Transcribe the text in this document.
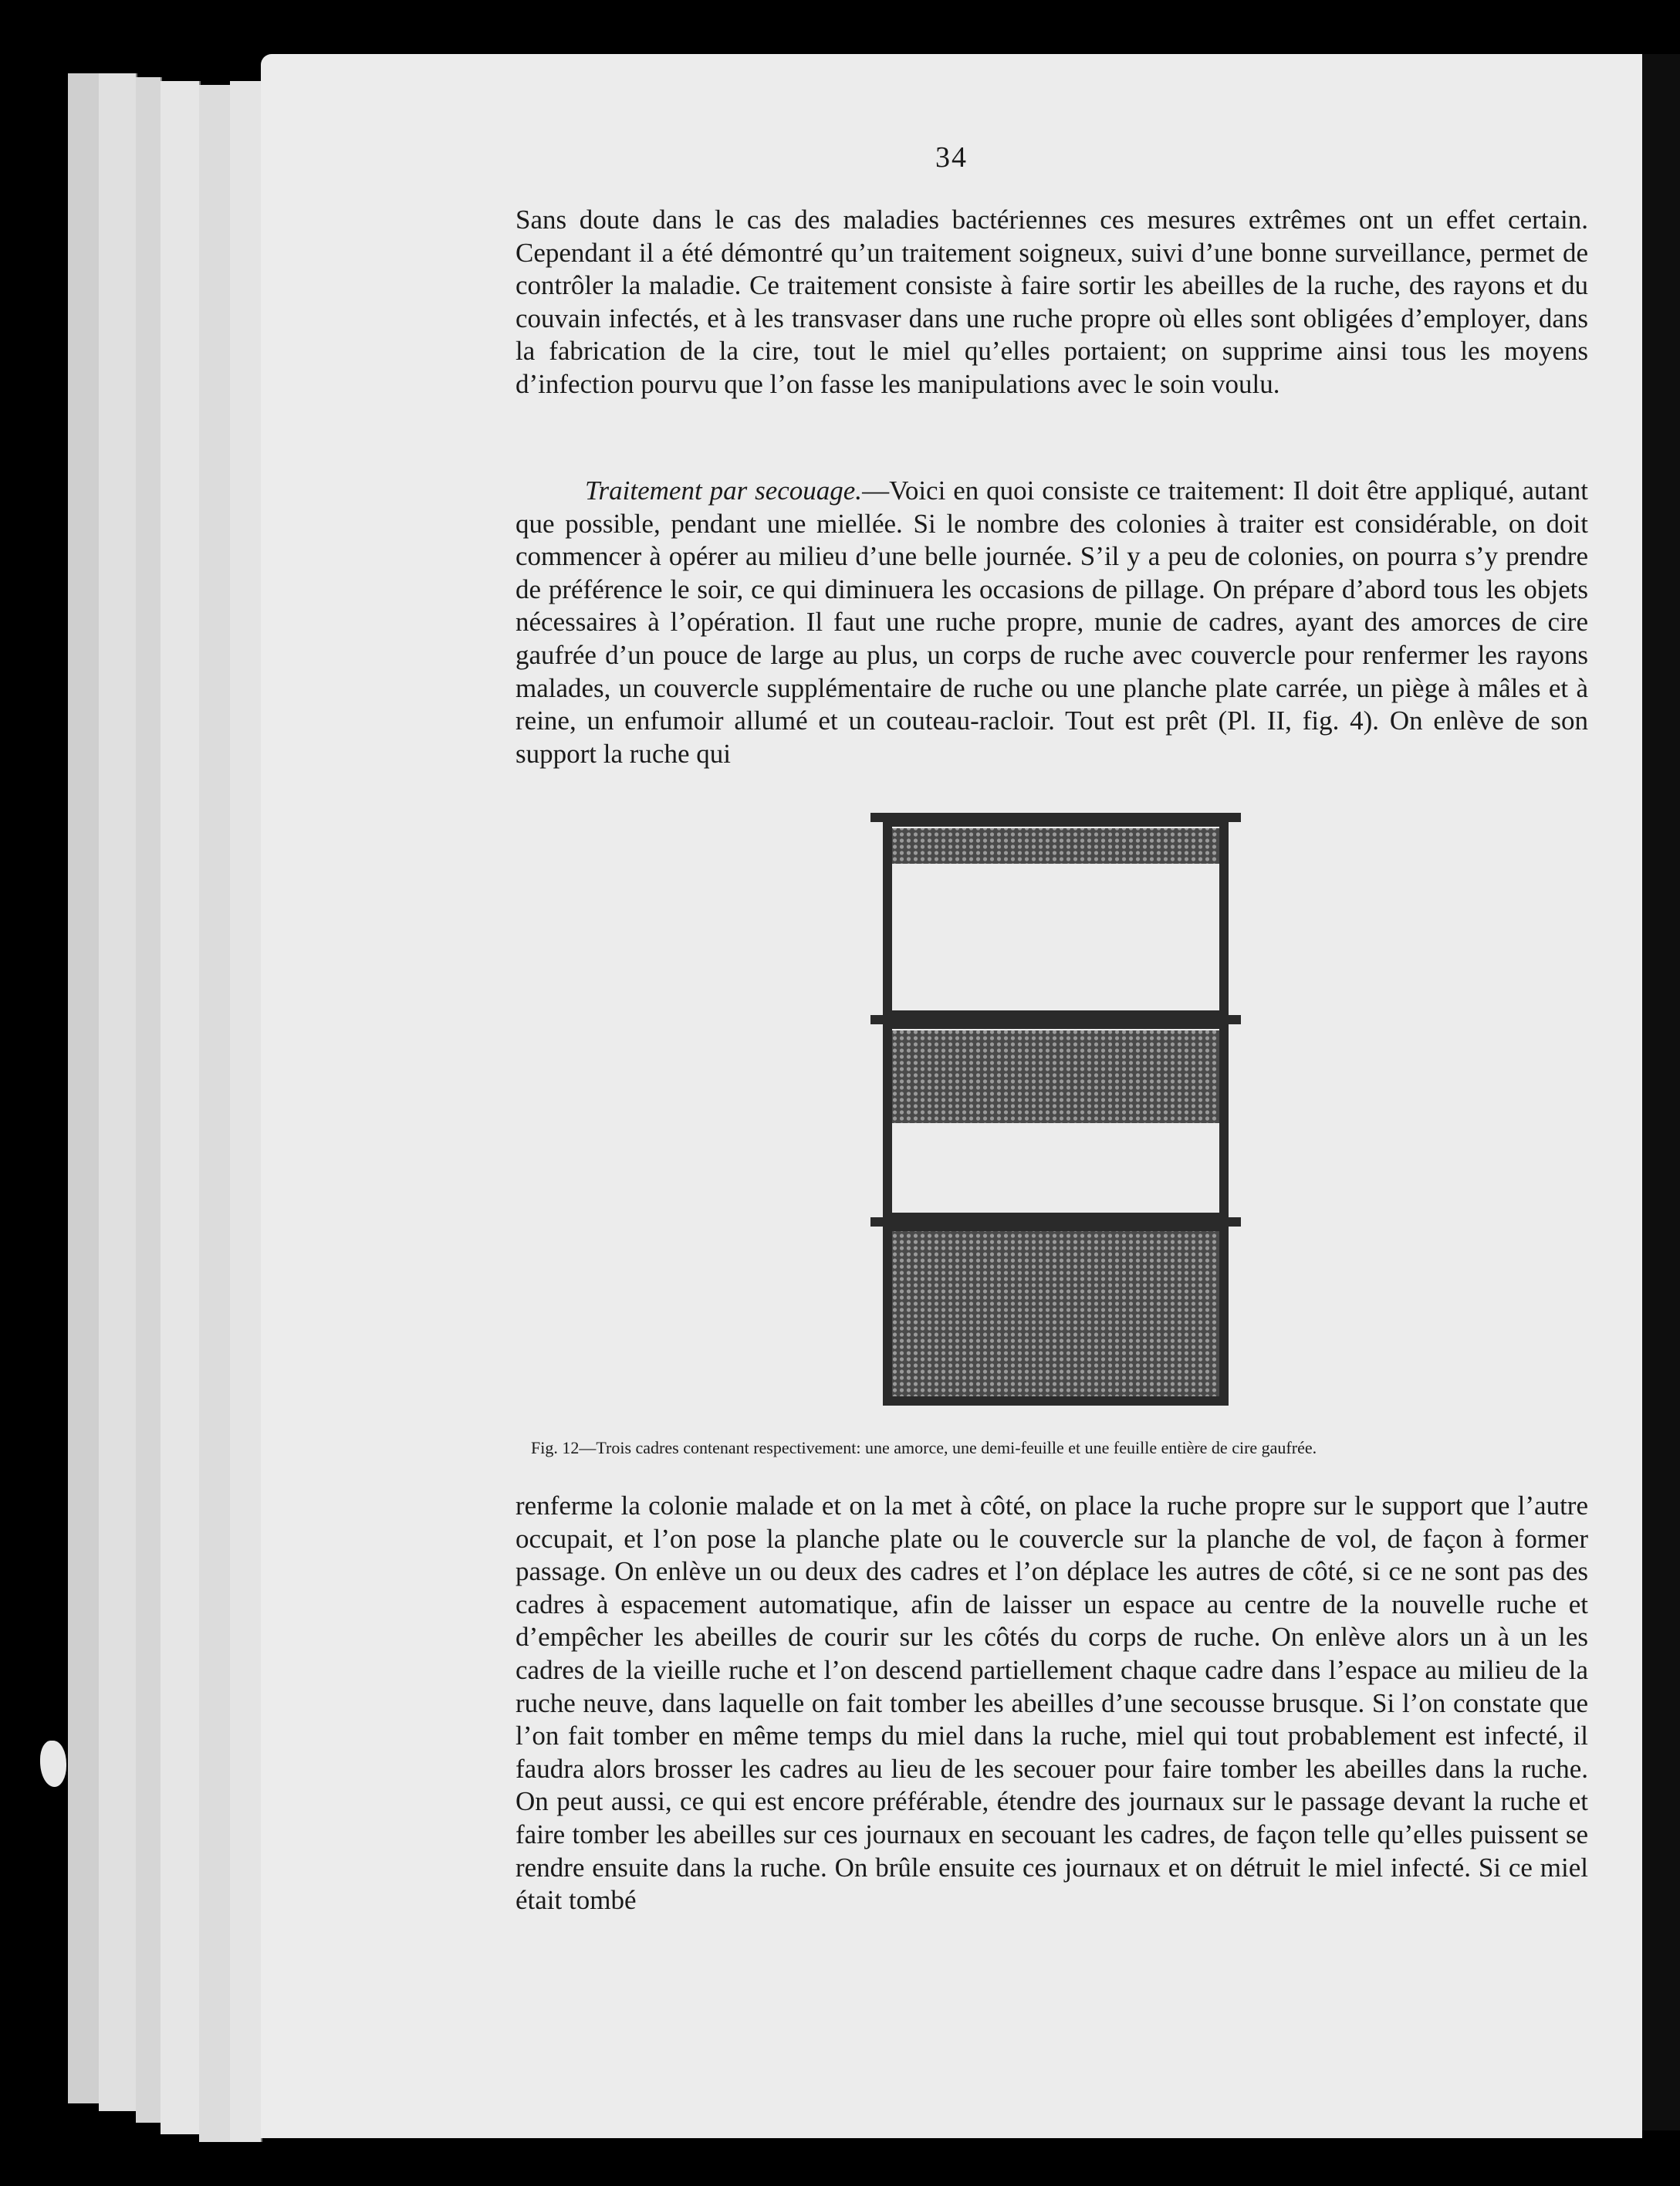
34

Sans doute dans le cas des maladies bactériennes ces mesures extrêmes ont un effet certain. Cependant il a été démontré qu’un traitement soigneux, suivi d’une bonne surveillance, permet de contrôler la maladie. Ce traitement consiste à faire sortir les abeilles de la ruche, des rayons et du couvain infectés, et à les transvaser dans une ruche propre où elles sont obligées d’employer, dans la fabrication de la cire, tout le miel qu’elles portaient; on supprime ainsi tous les moyens d’infection pourvu que l’on fasse les manipulations avec le soin voulu.

Traitement par secouage.—Voici en quoi consiste ce traitement: Il doit être appliqué, autant que possible, pendant une miellée. Si le nombre des colonies à traiter est considérable, on doit commencer à opérer au milieu d’une belle journée. S’il y a peu de colonies, on pourra s’y prendre de préférence le soir, ce qui diminuera les occasions de pillage. On prépare d’abord tous les objets nécessaires à l’opération. Il faut une ruche propre, munie de cadres, ayant des amorces de cire gaufrée d’un pouce de large au plus, un corps de ruche avec couvercle pour renfermer les rayons malades, un couvercle supplémentaire de ruche ou une planche plate carrée, un piège à mâles et à reine, un enfumoir allumé et un couteau-racloir. Tout est prêt (Pl. II, fig. 4). On enlève de son support la ruche qui

Fig. 12—Trois cadres contenant respectivement: une amorce, une demi-feuille et une feuille entière de cire gaufrée.

renferme la colonie malade et on la met à côté, on place la ruche propre sur le support que l’autre occupait, et l’on pose la planche plate ou le couvercle sur la planche de vol, de façon à former passage. On enlève un ou deux des cadres et l’on déplace les autres de côté, si ce ne sont pas des cadres à espacement automatique, afin de laisser un espace au centre de la nouvelle ruche et d’empêcher les abeilles de courir sur les côtés du corps de ruche. On enlève alors un à un les cadres de la vieille ruche et l’on descend partiellement chaque cadre dans l’espace au milieu de la ruche neuve, dans laquelle on fait tomber les abeilles d’une secousse brusque. Si l’on constate que l’on fait tomber en même temps du miel dans la ruche, miel qui tout probablement est infecté, il faudra alors brosser les cadres au lieu de les secouer pour faire tomber les abeilles dans la ruche. On peut aussi, ce qui est encore préférable, étendre des journaux sur le passage devant la ruche et faire tomber les abeilles sur ces journaux en secouant les cadres, de façon telle qu’elles puissent se rendre ensuite dans la ruche. On brûle ensuite ces journaux et on détruit le miel infecté. Si ce miel était tombé
